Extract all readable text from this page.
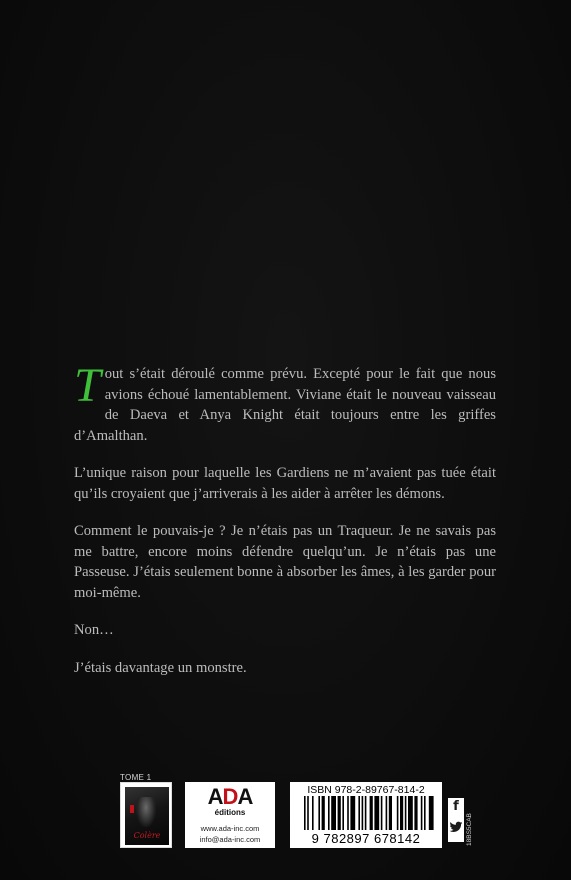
Tout s’était déroulé comme prévu. Excepté pour le fait que nous avions échoué lamentablement. Viviane était le nouveau vaisseau de Daeva et Anya Knight était toujours entre les griffes d’Amalthan.

L’unique raison pour laquelle les Gardiens ne m’avaient pas tuée était qu’ils croyaient que j’arriverais à les aider à arrêter les démons.

Comment le pouvais-je ? Je n’étais pas un Traqueur. Je ne savais pas me battre, encore moins défendre quelqu’un. Je n’étais pas une Passeuse. J’étais seulement bonne à absorber les âmes, à les garder pour moi-même.

Non…

J’étais davantage un monstre.

TOME 1
Colère
ADA
éditions
www.ada-inc.com
info@ada-inc.com
ISBN 978-2-89767-814-2
9 782897 678142
f
18BS5CAB
